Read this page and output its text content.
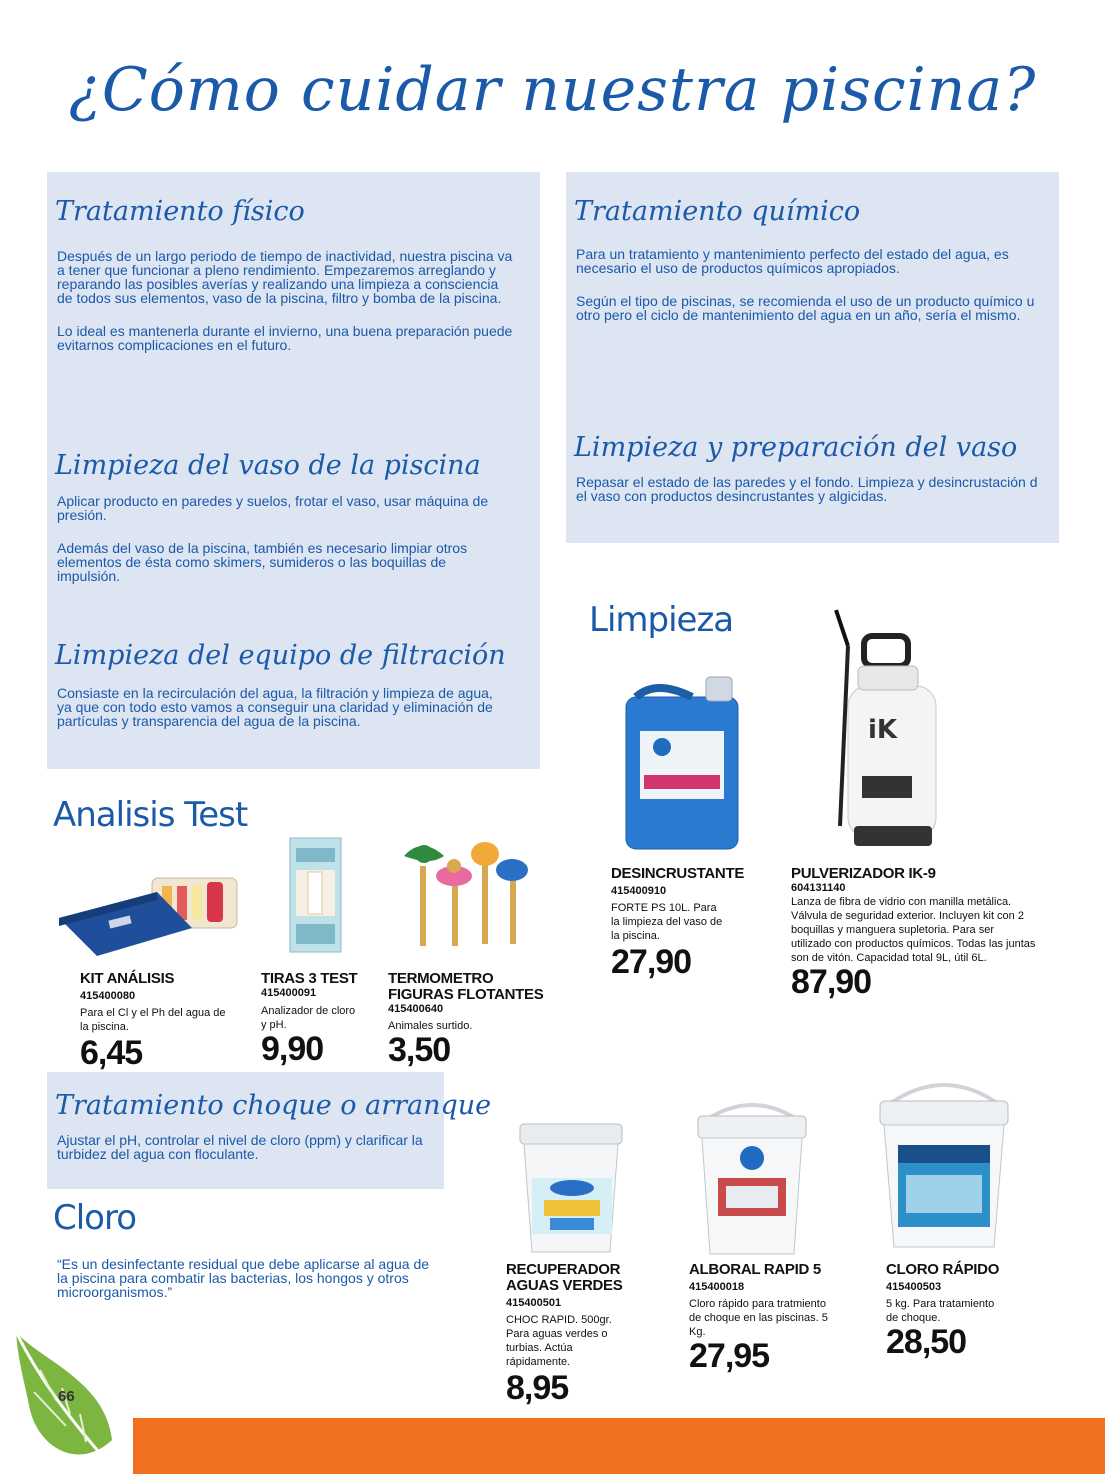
¿Cómo cuidar nuestra piscina?
Tratamiento físico

Después de un largo periodo de tiempo de inactividad, nuestra piscina va a tener que funcionar a pleno rendimiento. Empezaremos arreglando y reparando las posibles averías y realizando una limpieza a consciencia de todos sus elementos, vaso de la piscina, filtro y bomba de la piscina.

Lo ideal es mantenerla durante el invierno, una buena preparación puede evitarnos complicaciones en el futuro.

Limpieza del vaso de la piscina

Aplicar producto en paredes y suelos, frotar el vaso, usar máquina de presión.

Además del vaso de la piscina, también es necesario limpiar otros elementos de ésta como skimers, sumideros o las boquillas de impulsión.

Limpieza del equipo de filtración

Consiaste en la recirculación del agua, la filtración y limpieza de agua, ya que con todo esto vamos a conseguir una claridad y eliminación de partículas y transparencia del agua de la piscina.

Tratamiento químico

Para un tratamiento y mantenimiento perfecto del estado del agua, es necesario el uso de productos químicos apropiados.

Según el tipo de piscinas, se recomienda el uso de un producto químico u otro pero el ciclo de mantenimiento del agua en un año, sería el mismo.

Limpieza y preparación del vaso

Repasar el estado de las paredes y el fondo. Limpieza y desincrustación d el vaso con productos desincrustantes y algicidas.

Tratamiento choque o arranque

Ajustar el pH, controlar el nivel de cloro (ppm) y clarificar la turbidez del agua con floculante.

Analisis Test
Limpieza
Cloro
“Es un desinfectante residual que debe aplicarse al agua de la piscina para combatir las bacterias, los hongos y otros microorganismos.”
iK
KIT ANÁLISIS
415400080
Para el Cl y el Ph del agua de la piscina.
6,45
TIRAS 3 TEST
415400091
Analizador de cloro y pH.
9,90
TERMOMETRO FIGURAS FLOTANTES
415400640
Animales surtido.
3,50
DESINCRUSTANTE
415400910
FORTE PS 10L. Para la limpieza del vaso de la piscina.
27,90
PULVERIZADOR IK-9
604131140
Lanza de fibra de vidrio con manilla metálica. Válvula de seguridad exterior. Incluyen kit con 2 boquillas y manguera supletoria. Para ser utilizado con productos químicos. Todas las juntas son de vitón. Capacidad total 9L, útil 6L.
87,90
RECUPERADOR AGUAS VERDES
415400501
CHOC RAPID. 500gr. Para aguas verdes o turbias. Actúa rápidamente.
8,95
ALBORAL RAPID 5
415400018
Cloro rápido para tratmiento de choque en las piscinas. 5 Kg.
27,95
CLORO RÁPIDO
415400503
5 kg. Para tratamiento de choque.
28,50
66
